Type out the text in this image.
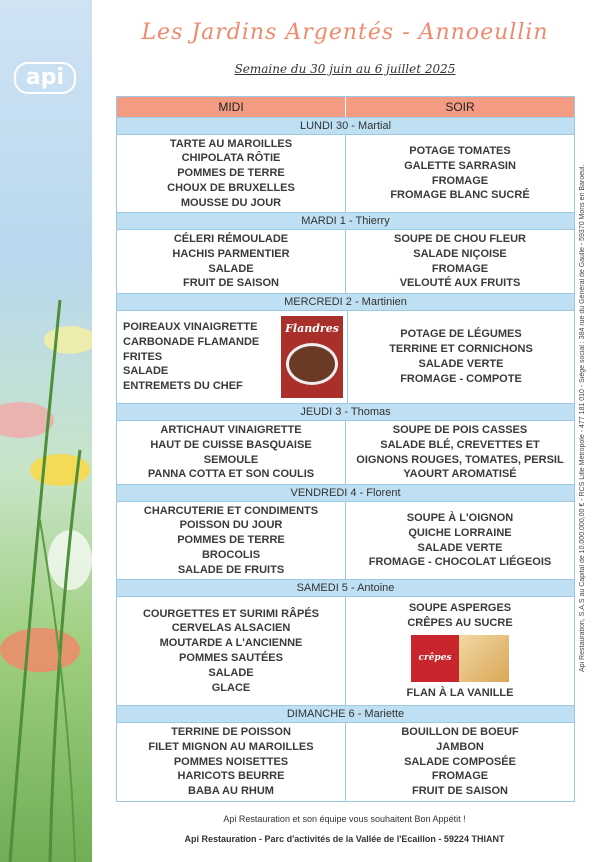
api
Les Jardins Argentés - Annoeullin
Semaine du 30 juin au 6 juillet 2025
MIDI	SOIR
LUNDI 30 - Martial
TARTE AU MAROILLES
CHIPOLATA RÔTIE
POMMES DE TERRE
CHOUX DE BRUXELLES
MOUSSE DU JOUR
POTAGE TOMATES
GALETTE SARRASIN
FROMAGE
FROMAGE BLANC SUCRÉ
MARDI 1 - Thierry
CÉLERI RÉMOULADE
HACHIS PARMENTIER
SALADE
FRUIT DE SAISON
SOUPE DE CHOU FLEUR
SALADE NIÇOISE
FROMAGE
VELOUTÉ AUX FRUITS
MERCREDI 2 - Martinien
POIREAUX VINAIGRETTE
CARBONADE FLAMANDE
FRITES
SALADE
ENTREMETS DU CHEF
Flandres	POTAGE DE LÉGUMES
TERRINE ET CORNICHONS
SALADE VERTE
FROMAGE - COMPOTE
JEUDI 3 - Thomas
ARTICHAUT VINAIGRETTE
HAUT DE CUISSE BASQUAISE
SEMOULE
PANNA COTTA ET SON COULIS
SOUPE DE POIS CASSES
SALADE BLÉ, CREVETTES ET
OIGNONS ROUGES, TOMATES, PERSIL
YAOURT AROMATISÉ
VENDREDI 4 - Florent
CHARCUTERIE ET CONDIMENTS
POISSON DU JOUR
POMMES DE TERRE
BROCOLIS
SALADE DE FRUITS
SOUPE À L'OIGNON
QUICHE LORRAINE
SALADE VERTE
FROMAGE - CHOCOLAT LIÉGEOIS
SAMEDI 5 - Antoine
COURGETTES ET SURIMI RÂPÉS
CERVELAS ALSACIEN
MOUTARDE A L'ANCIENNE
POMMES SAUTÉES
SALADE
GLACE
SOUPE ASPERGES
CRÊPES AU SUCRE
crêpes
FLAN À LA VANILLE
DIMANCHE 6 - Mariette
TERRINE DE POISSON
FILET MIGNON AU MAROILLES
POMMES NOISETTES
HARICOTS BEURRE
BABA AU RHUM
BOUILLON DE BOEUF
JAMBON
SALADE COMPOSÉE
FROMAGE
FRUIT DE SAISON
Api Restauration, S.A.S au Capital de 10.000.000,00 € - RCS Lille Métropole - 477 181 010 - Siège social : 384 rue du Général de Gaulle - 59370 Mons en Baroeul.
Api Restauration et son équipe vous souhaitent Bon Appétit !
Api Restauration - Parc d'activités de la Vallée de l'Ecaillon - 59224 THIANT
